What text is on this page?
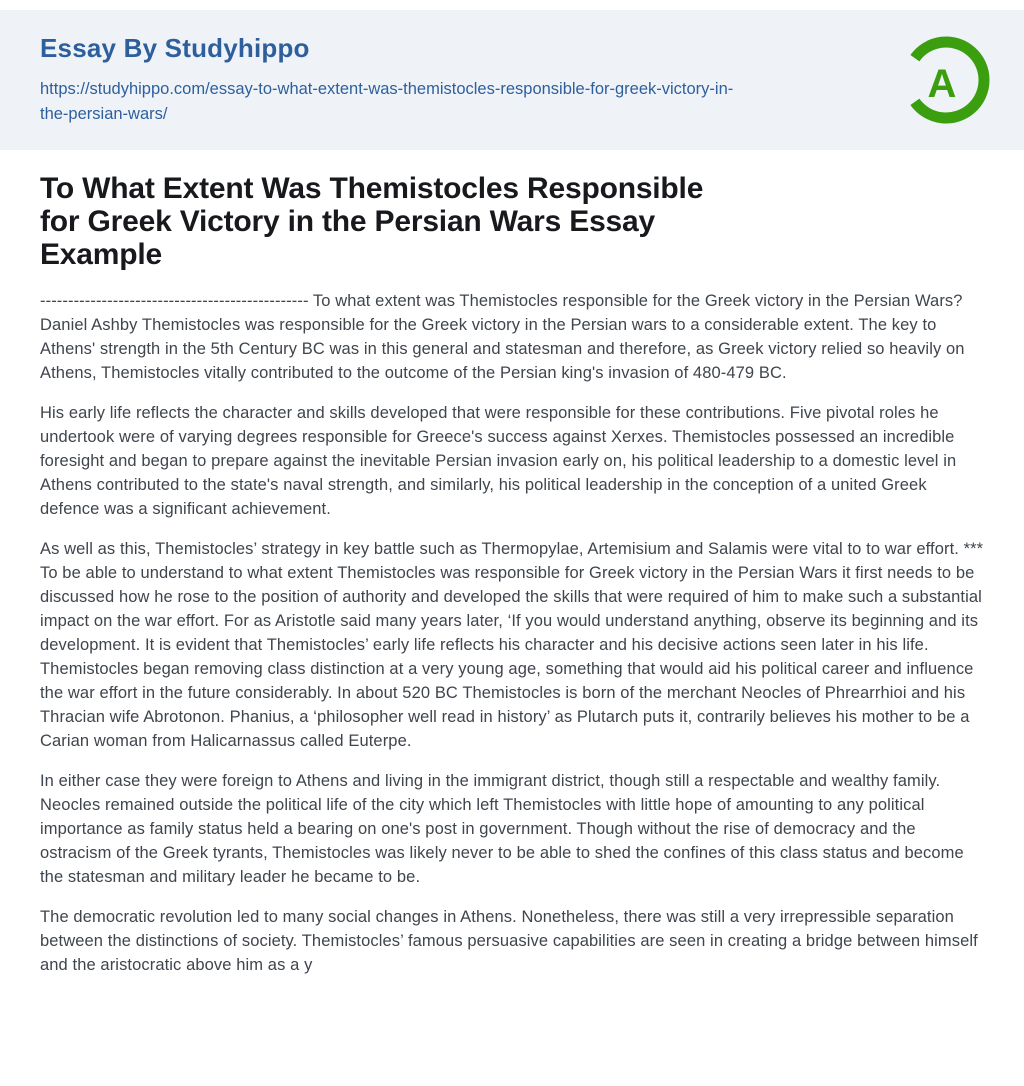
Essay By Studyhippo
https://studyhippo.com/essay-to-what-extent-was-themistocles-responsible-for-greek-victory-in-the-persian-wars/
A
To What Extent Was Themistocles Responsible
for Greek Victory in the Persian Wars Essay
Example

------------------------------------------------ To what extent was Themistocles responsible for the Greek victory in the Persian Wars? Daniel Ashby Themistocles was responsible for the Greek victory in the Persian wars to a considerable extent. The key to Athens' strength in the 5th Century BC was in this general and statesman and therefore, as Greek victory relied so heavily on Athens, Themistocles vitally contributed to the outcome of the Persian king's invasion of 480-479 BC.

His early life reflects the character and skills developed that were responsible for these contributions. Five pivotal roles he undertook were of varying degrees responsible for Greece's success against Xerxes. Themistocles possessed an incredible foresight and began to prepare against the inevitable Persian invasion early on, his political leadership to a domestic level in Athens contributed to the state's naval strength, and similarly, his political leadership in the conception of a united Greek defence was a significant achievement.

As well as this, Themistocles’ strategy in key battle such as Thermopylae, Artemisium and Salamis were vital to to war effort. *** To be able to understand to what extent Themistocles was responsible for Greek victory in the Persian Wars it first needs to be discussed how he rose to the position of authority and developed the skills that were required of him to make such a substantial impact on the war effort. For as Aristotle said many years later, ‘If you would understand anything, observe its beginning and its development. It is evident that Themistocles’ early life reflects his character and his decisive actions seen later in his life. Themistocles began removing class distinction at a very young age, something that would aid his political career and influence the war effort in the future considerably. In about 520 BC Themistocles is born of the merchant Neocles of Phrearrhioi and his Thracian wife Abrotonon. Phanius, a ‘philosopher well read in history’ as Plutarch puts it, contrarily believes his mother to be a Carian woman from Halicarnassus called Euterpe.

In either case they were foreign to Athens and living in the immigrant district, though still a respectable and wealthy family. Neocles remained outside the political life of the city which left Themistocles with little hope of amounting to any political importance as family status held a bearing on one's post in government. Though without the rise of democracy and the ostracism of the Greek tyrants, Themistocles was likely never to be able to shed the confines of this class status and become the statesman and military leader he became to be.

The democratic revolution led to many social changes in Athens. Nonetheless, there was still a very irrepressible separation between the distinctions of society. Themistocles’ famous persuasive capabilities are seen in creating a bridge between himself and the aristocratic above him as a y
